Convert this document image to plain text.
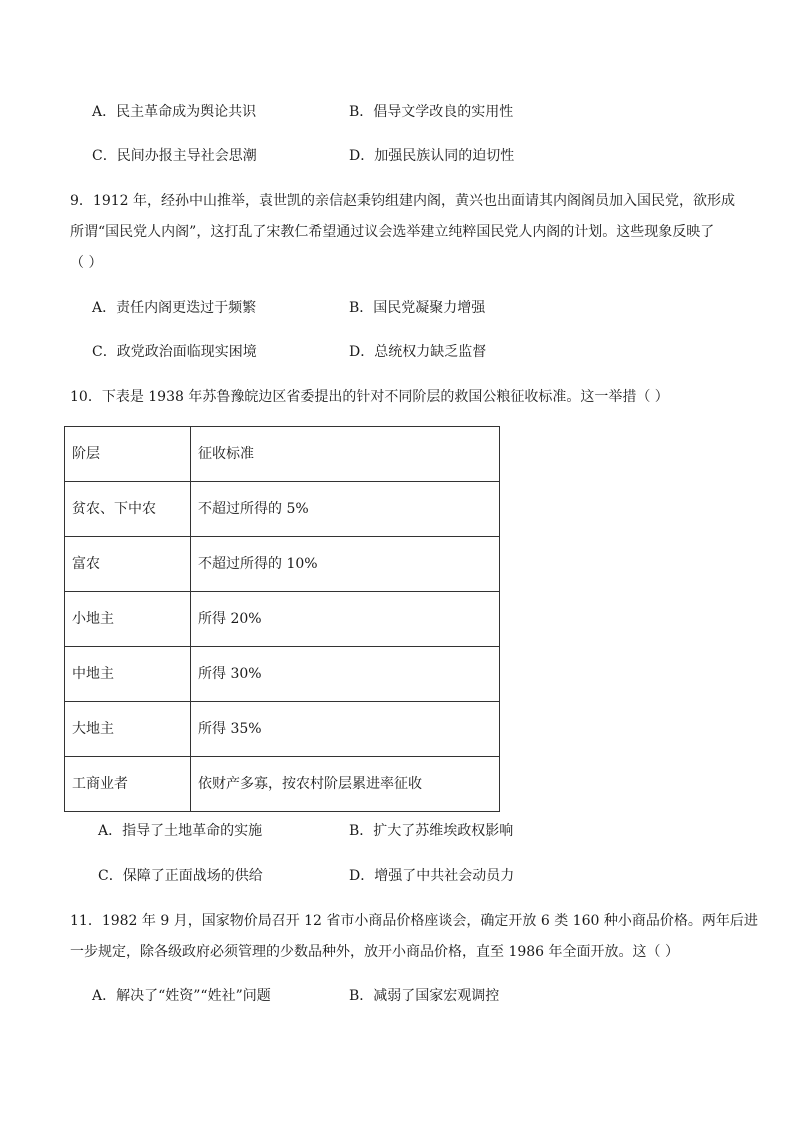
A．民主革命成为舆论共识	B．倡导文学改良的实用性
C．民间办报主导社会思潮	D．加强民族认同的迫切性
9．1912 年，经孙中山推举，袁世凯的亲信赵秉钧组建内阁，黄兴也出面请其内阁阁员加入国民党，欲形成
所谓“国民党人内阁”，这打乱了宋教仁希望通过议会选举建立纯粹国民党人内阁的计划。这些现象反映了
（ ）
A．责任内阁更迭过于频繁	B．国民党凝聚力增强
C．政党政治面临现实困境	D．总统权力缺乏监督
10．下表是 1938 年苏鲁豫皖边区省委提出的针对不同阶层的救国公粮征收标准。这一举措（ ）
阶层	征收标准
贫农、下中农	不超过所得的 5%
富农	不超过所得的 10%
小地主	所得 20%
中地主	所得 30%
大地主	所得 35%
工商业者	依财产多寡，按农村阶层累进率征收
A．指导了土地革命的实施	B．扩大了苏维埃政权影响
C．保障了正面战场的供给	D．增强了中共社会动员力
11．1982 年 9 月，国家物价局召开 12 省市小商品价格座谈会，确定开放 6 类 160 种小商品价格。两年后进
一步规定，除各级政府必须管理的少数品种外，放开小商品价格，直至 1986 年全面开放。这（ ）
A．解决了“姓资”“姓社”问题	B．减弱了国家宏观调控
